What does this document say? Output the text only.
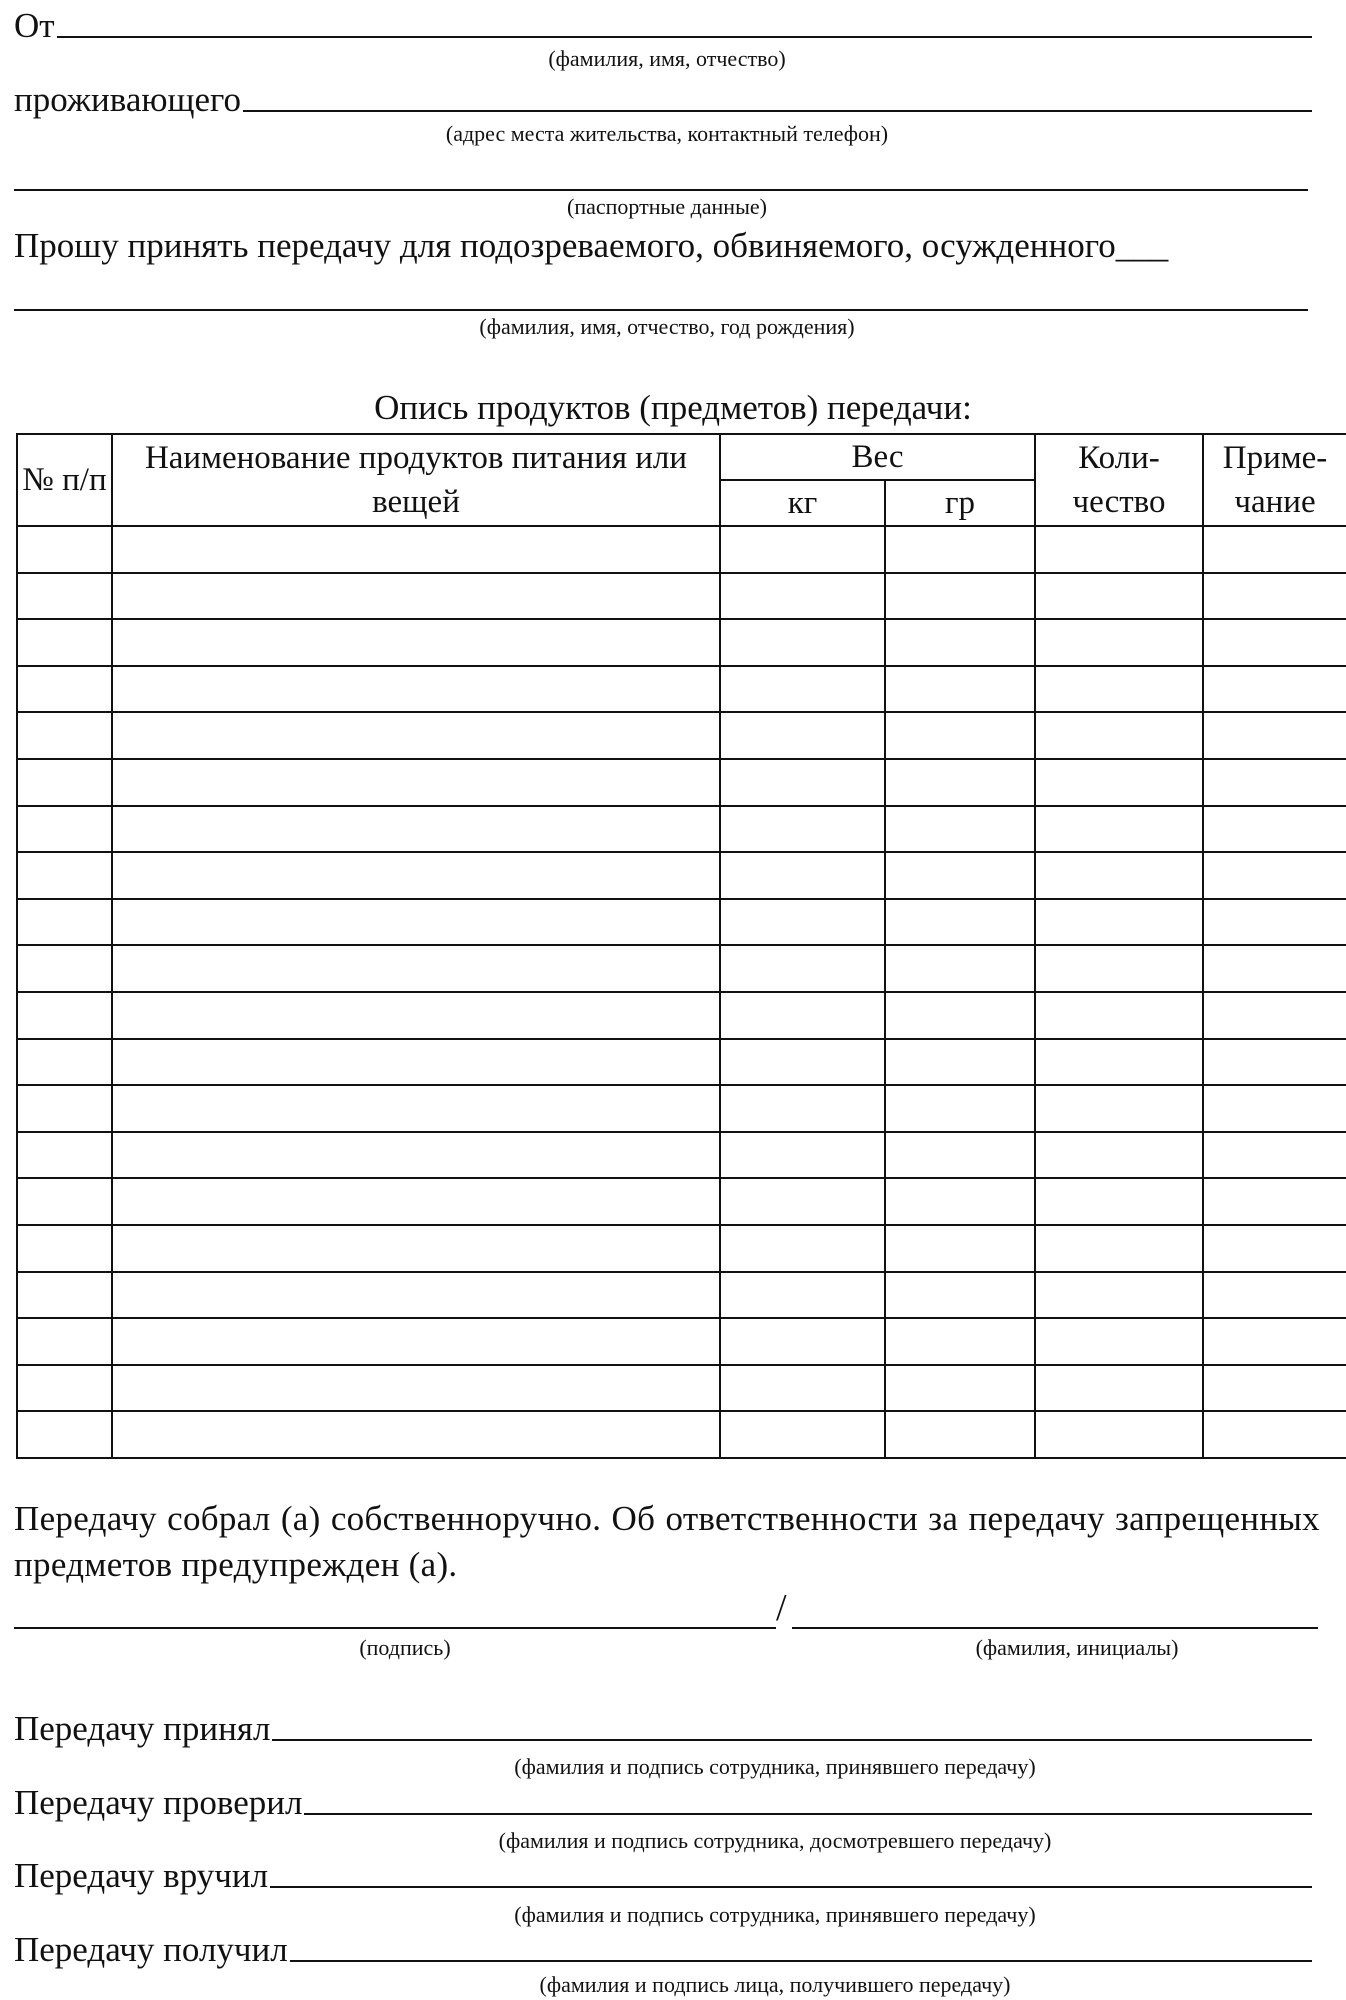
От
(фамилия, имя, отчество)
проживающего
(адрес места жительства, контактный телефон)
(паспортные данные)
Прошу принять передачу для подозреваемого, обвиняемого, осужденного___
(фамилия, имя, отчество, год рождения)
Опись продуктов (предметов) передачи:
№ п/п	Наименование продуктов питания или вещей	Вес		Коли- чество	Приме- чание
		кг	гр		

Передачу собрал (а) собственноручно. Об ответственности за передачу запрещенных предметов предупрежден (а).
/
(подпись)	(фамилия, инициалы)
Передачу принял
(фамилия и подпись сотрудника, принявшего передачу)
Передачу проверил
(фамилия и подпись сотрудника, досмотревшего передачу)
Передачу вручил
(фамилия и подпись сотрудника, принявшего передачу)
Передачу получил
(фамилия и подпись лица, получившего передачу)
